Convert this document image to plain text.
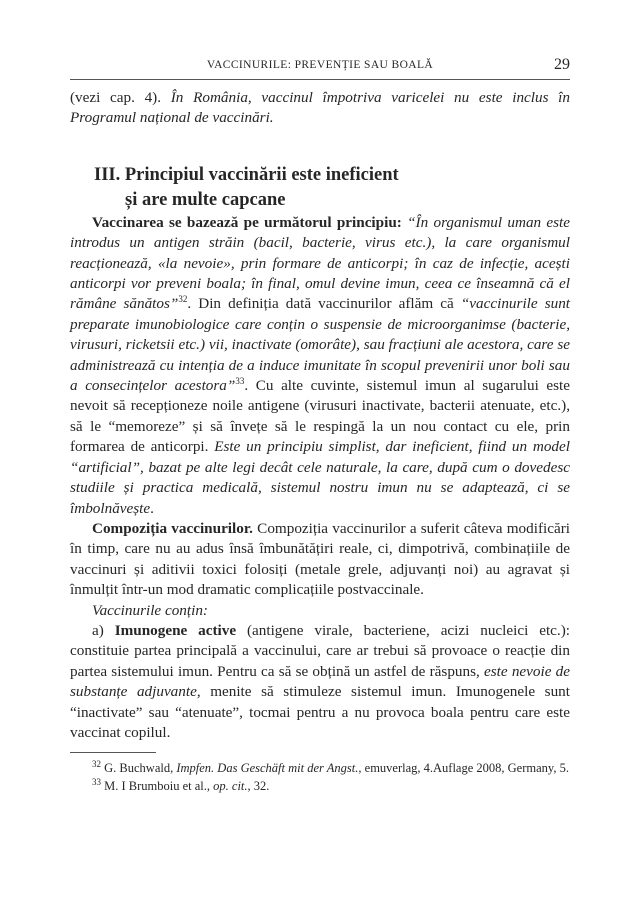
VACCINURILE: PREVENȚIE SAU BOALĂ	29

(vezi cap. 4). În România, vaccinul împotriva varicelei nu este inclus în Programul național de vaccinări.

III. Principiul vaccinării este ineficient
și are multe capcane

Vaccinarea se bazează pe următorul principiu: “În organismul uman este introdus un antigen străin (bacil, bacterie, virus etc.), la care organismul reacționează, «la nevoie», prin formare de anticorpi; în caz de infecție, acești anticorpi vor preveni boala; în final, omul devine imun, ceea ce înseamnă că el rămâne sănătos”$^{32}$. Din definiția dată vaccinurilor aflăm că “vaccinurile sunt preparate imunobiologice care conțin o suspensie de microorganimse (bacterie, virusuri, ricketsii etc.) vii, inactivate (omorâte), sau fracțiuni ale acestora, care se administrează cu intenția de a induce imunitate în scopul prevenirii unor boli sau a consecințelor acestora”$^{33}$. Cu alte cuvinte, sistemul imun al sugarului este nevoit să recepționeze noile antigene (virusuri inactivate, bacterii atenuate, etc.), să le “memoreze” și să învețe să le respingă la un nou contact cu ele, prin formarea de anticorpi. Este un principiu simplist, dar ineficient, fiind un model “artificial”, bazat pe alte legi decât cele naturale, la care, după cum o dovedesc studiile și practica medicală, sistemul nostru imun nu se adaptează, ci se îmbolnăvește.

Compoziția vaccinurilor. Compoziția vaccinurilor a suferit câteva modificări în timp, care nu au adus însă îmbunătățiri reale, ci, dimpotrivă, combinațiile de vaccinuri și aditivii toxici folosiți (metale grele, adjuvanți noi) au agravat și înmulțit într-un mod dramatic complicațiile postvaccinale.

Vaccinurile conțin:

a) Imunogene active (antigene virale, bacteriene, acizi nucleici etc.): constituie partea principală a vaccinului, care ar trebui să provoace o reacție din partea sistemului imun. Pentru ca să se obțină un astfel de răspuns, este nevoie de substanțe adjuvante, menite să stimuleze sistemul imun. Imunogenele sunt “inactivate” sau “atenuate”, tocmai pentru a nu provoca boala pentru care este vaccinat copilul.

$^{32}$ G. Buchwald, Impfen. Das Geschäft mit der Angst., emuverlag, 4.Auflage 2008, Germany, 5.

$^{33}$ M. I Brumboiu et al., op. cit., 32.
